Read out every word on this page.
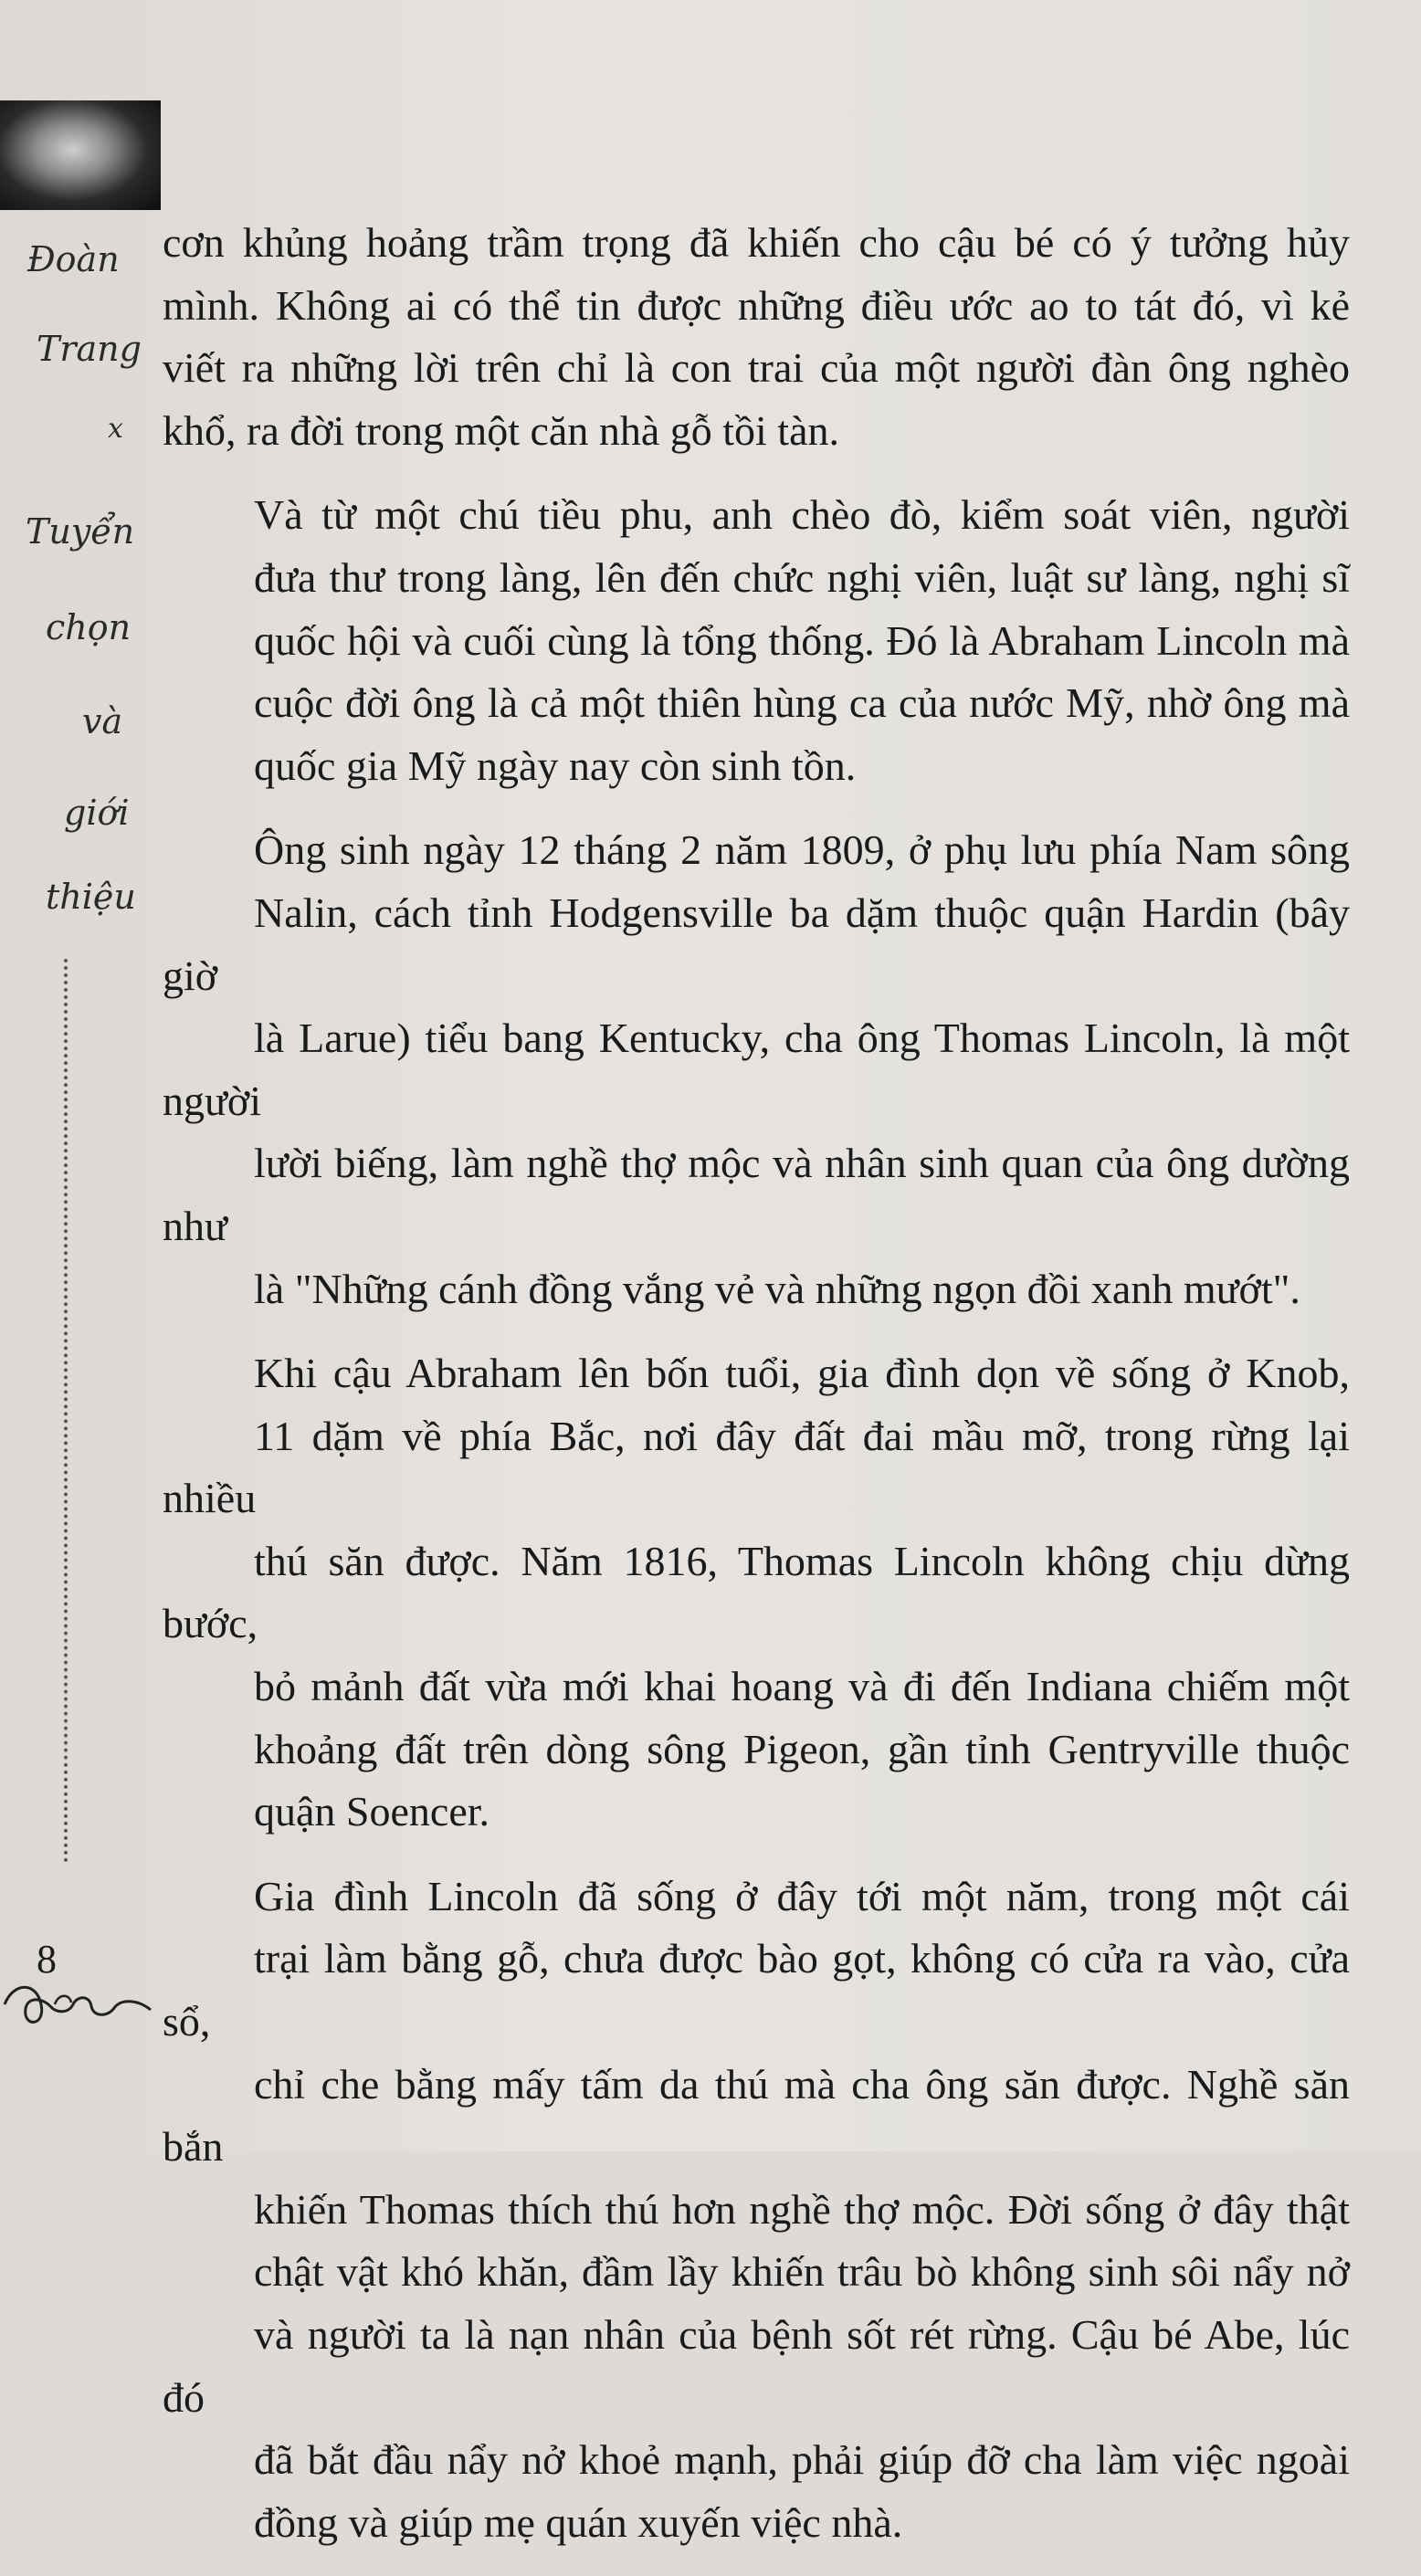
Đoàn
Trang
x
Tuyển
chọn
và
giới
thiệu

cơn khủng hoảng trầm trọng đã khiến cho cậu bé có ý tưởng hủy
mình. Không ai có thể tin được những điều ước ao to tát đó, vì kẻ
viết ra những lời trên chỉ là con trai của một người đàn ông nghèo
khổ, ra đời trong một căn nhà gỗ tồi tàn.

Và từ một chú tiều phu, anh chèo đò, kiểm soát viên, người
đưa thư trong làng, lên đến chức nghị viên, luật sư làng, nghị sĩ
quốc hội và cuối cùng là tổng thống. Đó là Abraham Lincoln mà
cuộc đời ông là cả một thiên hùng ca của nước Mỹ, nhờ ông mà
quốc gia Mỹ ngày nay còn sinh tồn.

Ông sinh ngày 12 tháng 2 năm 1809, ở phụ lưu phía Nam sông
Nalin, cách tỉnh Hodgensville ba dặm thuộc quận Hardin (bây giờ
là Larue) tiểu bang Kentucky, cha ông Thomas Lincoln, là một người
lười biếng, làm nghề thợ mộc và nhân sinh quan của ông dường như
là "Những cánh đồng vắng vẻ và những ngọn đồi xanh mướt".

Khi cậu Abraham lên bốn tuổi, gia đình dọn về sống ở Knob,
11 dặm về phía Bắc, nơi đây đất đai mầu mỡ, trong rừng lại nhiều
thú săn được. Năm 1816, Thomas Lincoln không chịu dừng bước,
bỏ mảnh đất vừa mới khai hoang và đi đến Indiana chiếm một
khoảng đất trên dòng sông Pigeon, gần tỉnh Gentryville thuộc
quận Soencer.

Gia đình Lincoln đã sống ở đây tới một năm, trong một cái
trại làm bằng gỗ, chưa được bào gọt, không có cửa ra vào, cửa sổ,
chỉ che bằng mấy tấm da thú mà cha ông săn được. Nghề săn bắn
khiến Thomas thích thú hơn nghề thợ mộc. Đời sống ở đây thật
chật vật khó khăn, đầm lầy khiến trâu bò không sinh sôi nẩy nở
và người ta là nạn nhân của bệnh sốt rét rừng. Cậu bé Abe, lúc đó
đã bắt đầu nẩy nở khoẻ mạnh, phải giúp đỡ cha làm việc ngoài
đồng và giúp mẹ quán xuyến việc nhà.

8
